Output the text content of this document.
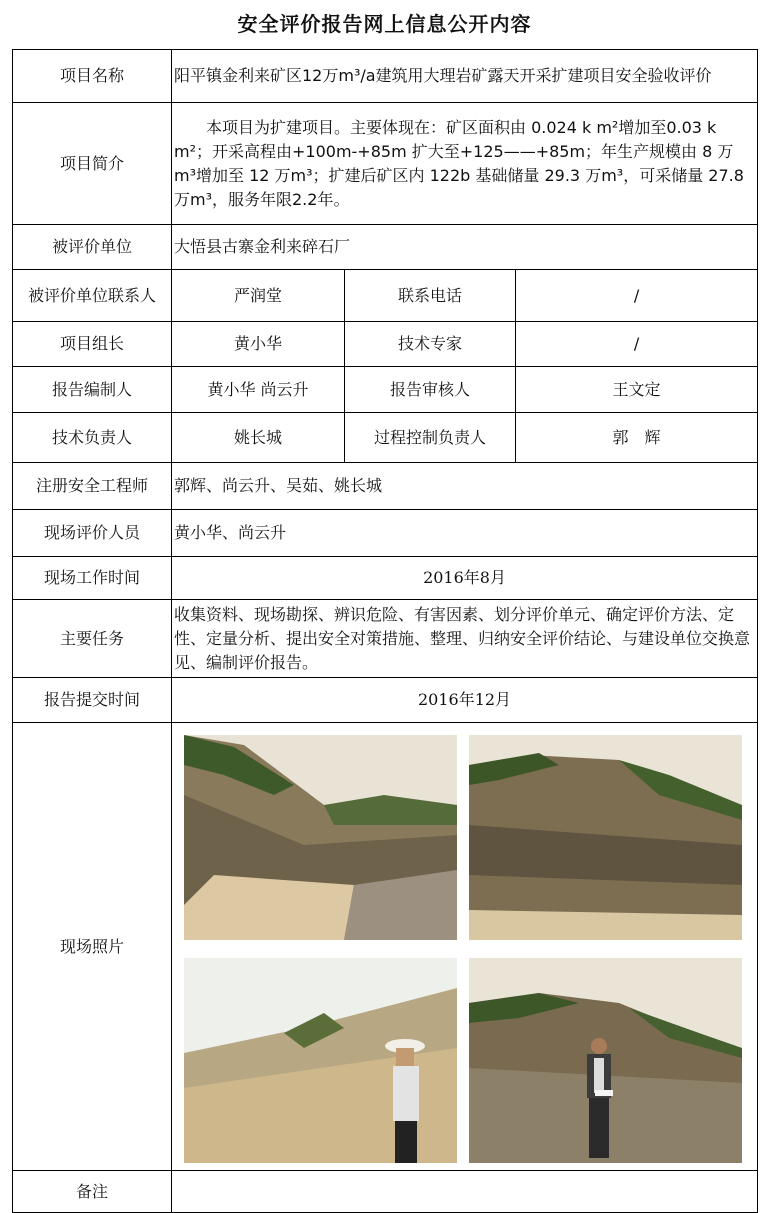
安全评价报告网上信息公开内容
项目名称	阳平镇金利来矿区12万m³/a建筑用大理岩矿露天开采扩建项目安全验收评价		
项目简介	本项目为扩建项目。主要体现在：矿区面积由 0.024 k m²增加至0.03 k m²；开采高程由+100m-+85m 扩大至+125——+85m；年生产规模由 8 万m³增加至 12 万m³；扩建后矿区内 122b 基础储量 29.3 万m³，可采储量 27.8万m³，服务年限2.2年。		
被评价单位	大悟县古寨金利来碎石厂		
被评价单位联系人	严润堂	联系电话	/
项目组长	黄小华	技术专家	/
报告编制人	黄小华 尚云升	报告审核人	王文定
技术负责人	姚长城	过程控制负责人	郭　辉
注册安全工程师	郭辉、尚云升、吴茹、姚长城		
现场评价人员	黄小华、尚云升		
现场工作时间	2016年8月		
主要任务	收集资料、现场勘探、辨识危险、有害因素、划分评价单元、确定评价方法、定性、定量分析、提出安全对策措施、整理、归纳安全评价结论、与建设单位交换意见、编制评价报告。		
报告提交时间	2016年12月		
现场照片	

备注			
